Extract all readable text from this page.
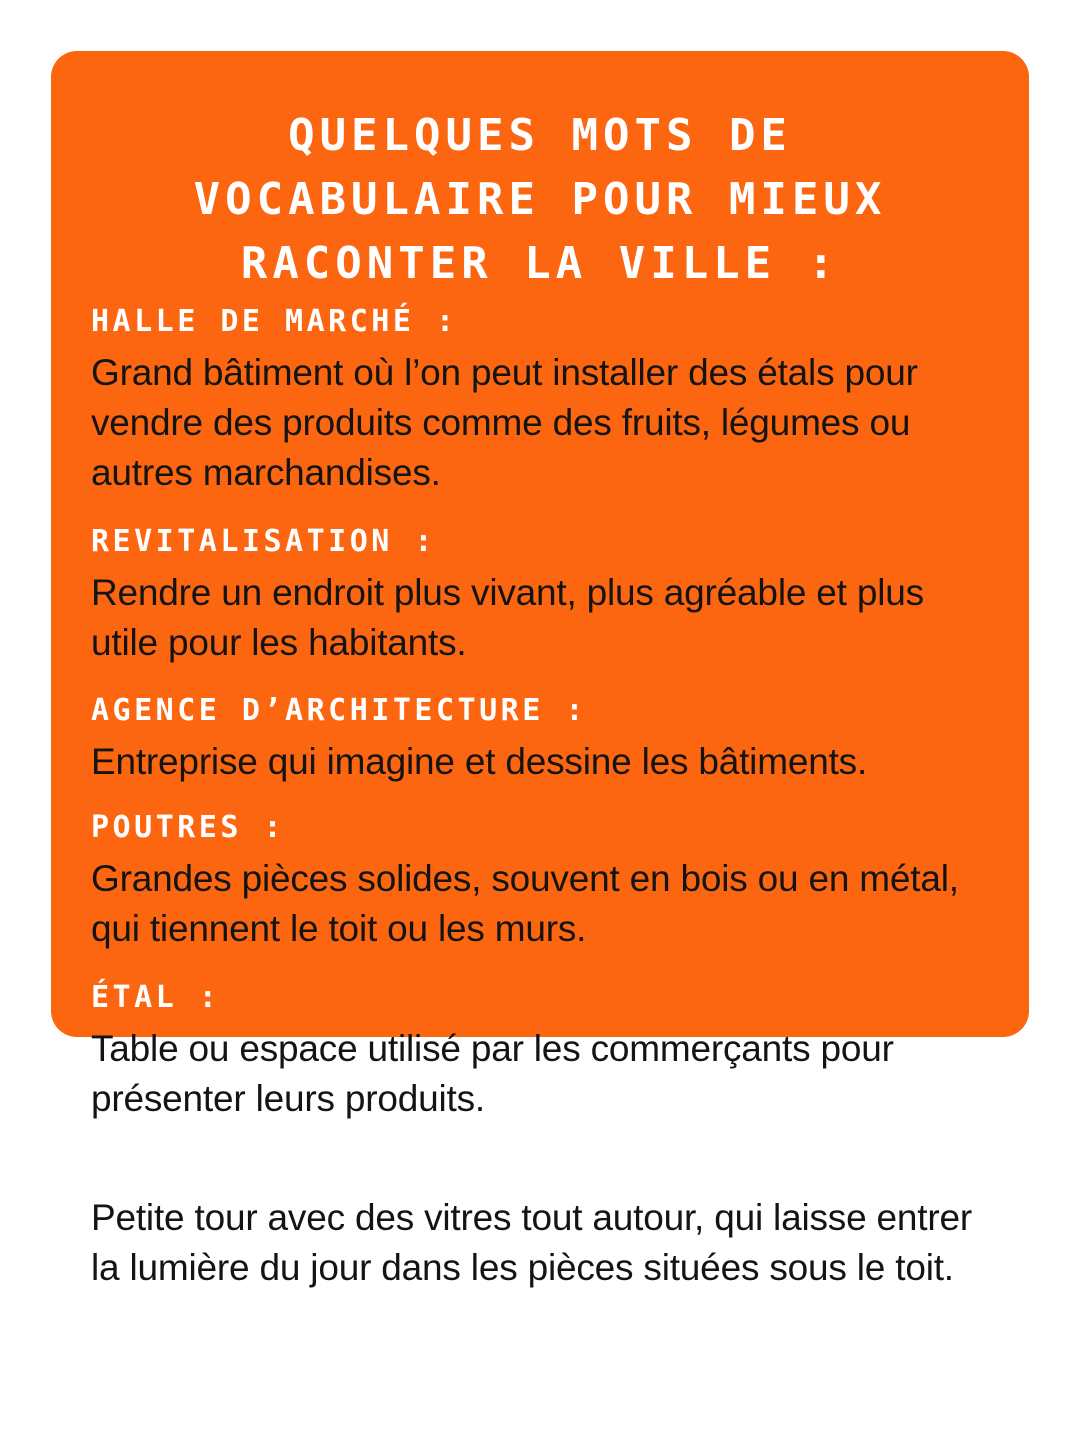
QUELQUES MOTS DE
VOCABULAIRE POUR MIEUX
RACONTER LA VILLE :
HALLE DE MARCHÉ :
Grand bâtiment où l’on peut installer des étals pour vendre des produits comme des fruits, légumes ou autres marchandises.
REVITALISATION :
Rendre un endroit plus vivant, plus agréable et plus utile pour les habitants.
AGENCE D’ARCHITECTURE :
Entreprise qui imagine et dessine les bâtiments.
POUTRES :
Grandes pièces solides, souvent en bois ou en métal, qui tiennent le toit ou les murs.
ÉTAL :
Table ou espace utilisé par les commerçants pour présenter leurs produits.
LANTERNAU:
Petite tour avec des vitres tout autour, qui laisse entrer la lumière du jour dans les pièces situées sous le toit.
